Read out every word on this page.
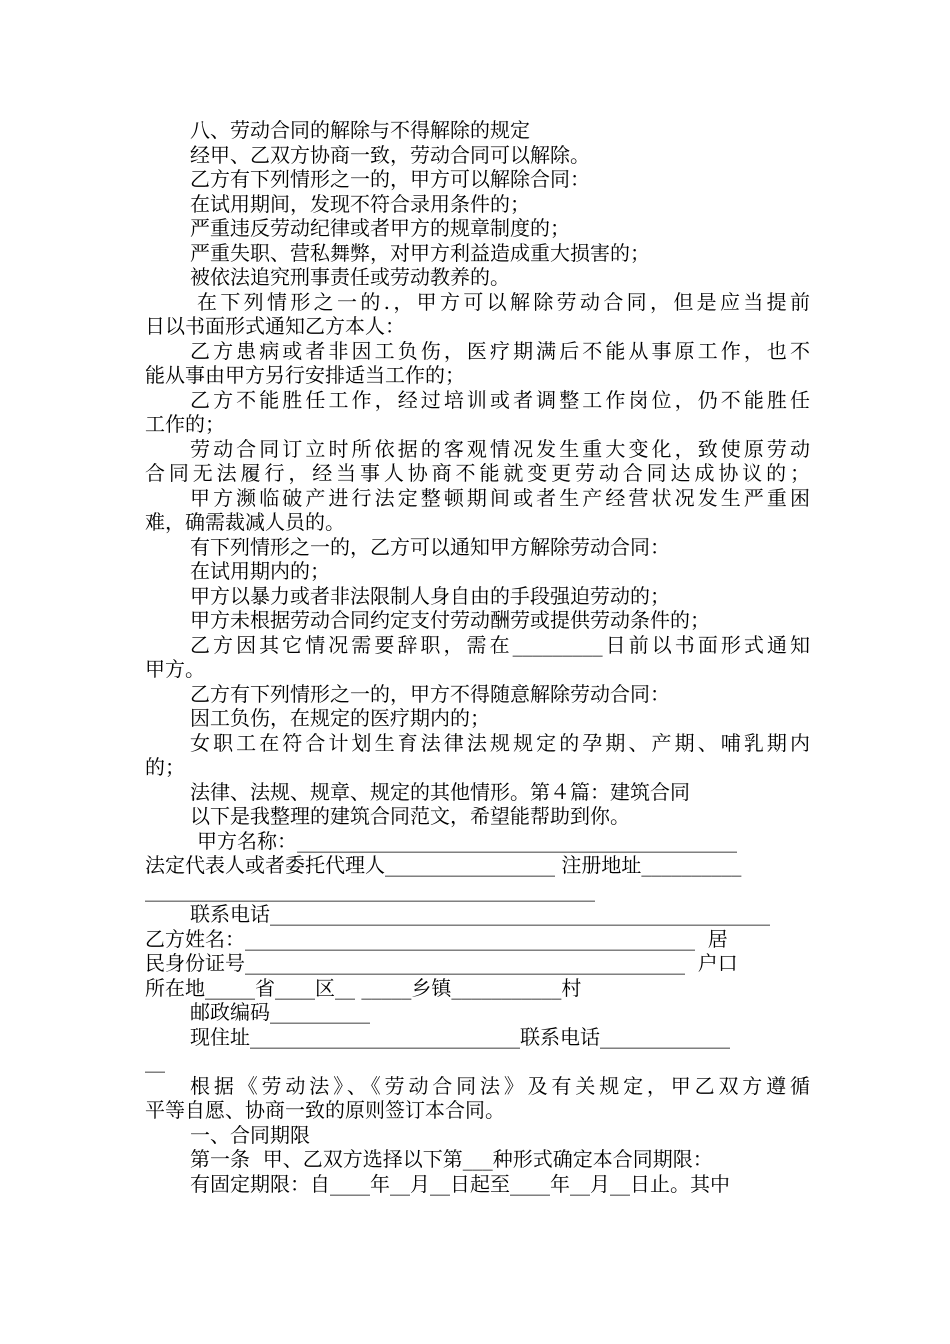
八、劳动合同的解除与不得解除的规定

经甲、乙双方协商一致，劳动合同可以解除。

乙方有下列情形之一的，甲方可以解除合同：

在试用期间，发现不符合录用条件的；

严重违反劳动纪律或者甲方的规章制度的；

严重失职、营私舞弊，对甲方利益造成重大损害的；

被依法追究刑事责任或劳动教养的。

在下列情形之一的.，甲方可以解除劳动合同，但是应当提前

日以书面形式通知乙方本人：

乙方患病或者非因工负伤，医疗期满后不能从事原工作，也不

能从事由甲方另行安排适当工作的；

乙方不能胜任工作，经过培训或者调整工作岗位，仍不能胜任

工作的；

劳动合同订立时所依据的客观情况发生重大变化，致使原劳动

合同无法履行，经当事人协商不能就变更劳动合同达成协议的；

甲方濒临破产进行法定整顿期间或者生产经营状况发生严重困

难，确需裁减人员的。

有下列情形之一的，乙方可以通知甲方解除劳动合同：

在试用期内的；

甲方以暴力或者非法限制人身自由的手段强迫劳动的；

甲方未根据劳动合同约定支付劳动酬劳或提供劳动条件的；

乙方因其它情况需要辞职，需在_________日前以书面形式通知

甲方。

乙方有下列情形之一的，甲方不得随意解除劳动合同：

因工负伤，在规定的医疗期内的；

女职工在符合计划生育法律法规规定的孕期、产期、哺乳期内

的；

法律、法规、规章、规定的其他情形。第４篇：建筑合同

以下是我整理的建筑合同范文，希望能帮助到你。

甲方名称：____________________________________________

法定代表人或者委托代理人_________________ 注册地址__________

_____________________________________________

联系电话__________________________________________________

乙方姓名：_____________________________________________  居

民身份证号____________________________________________  户口

所在地_____省____区__ _____乡镇___________村

邮政编码__________

现住址___________________________联系电话_____________

__

根据《劳动法》、《劳动合同法》及有关规定，甲乙双方遵循

平等自愿、协商一致的原则签订本合同。

一、合同期限

第一条  甲、乙双方选择以下第___种形式确定本合同期限：

有固定期限：自____年__月__日起至____年__月__日止。其中
